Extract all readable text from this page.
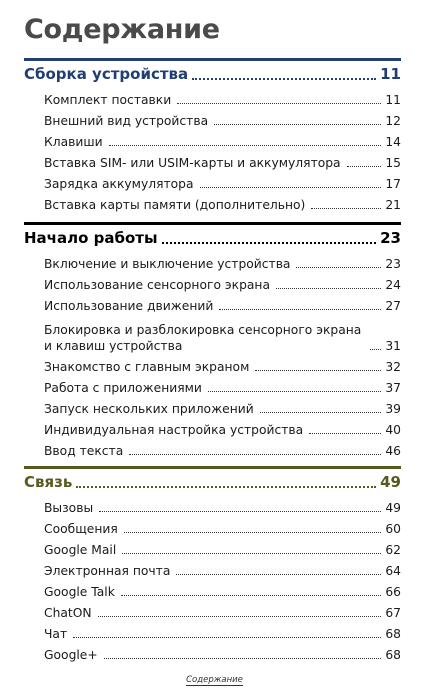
Содержание
Сборка устройства	11
Комплект поставки	11
Внешний вид устройства	12
Клавиши	14
Вставка SIM- или USIM-карты и аккумулятора	15
Зарядка аккумулятора	17
Вставка карты памяти (дополнительно)	21
Начало работы	23
Включение и выключение устройства	23
Использование сенсорного экрана	24
Использование движений	27
Блокировка и разблокировка сенсорного экрана и клавиш устройства	31
Знакомство с главным экраном	32
Работа с приложениями	37
Запуск нескольких приложений	39
Индивидуальная настройка устройства	40
Ввод текста	46
Связь	49
Вызовы	49
Сообщения	60
Google Mail	62
Электронная почта	64
Google Talk	66
ChatON	67
Чат	68
Google+	68
Содержание
